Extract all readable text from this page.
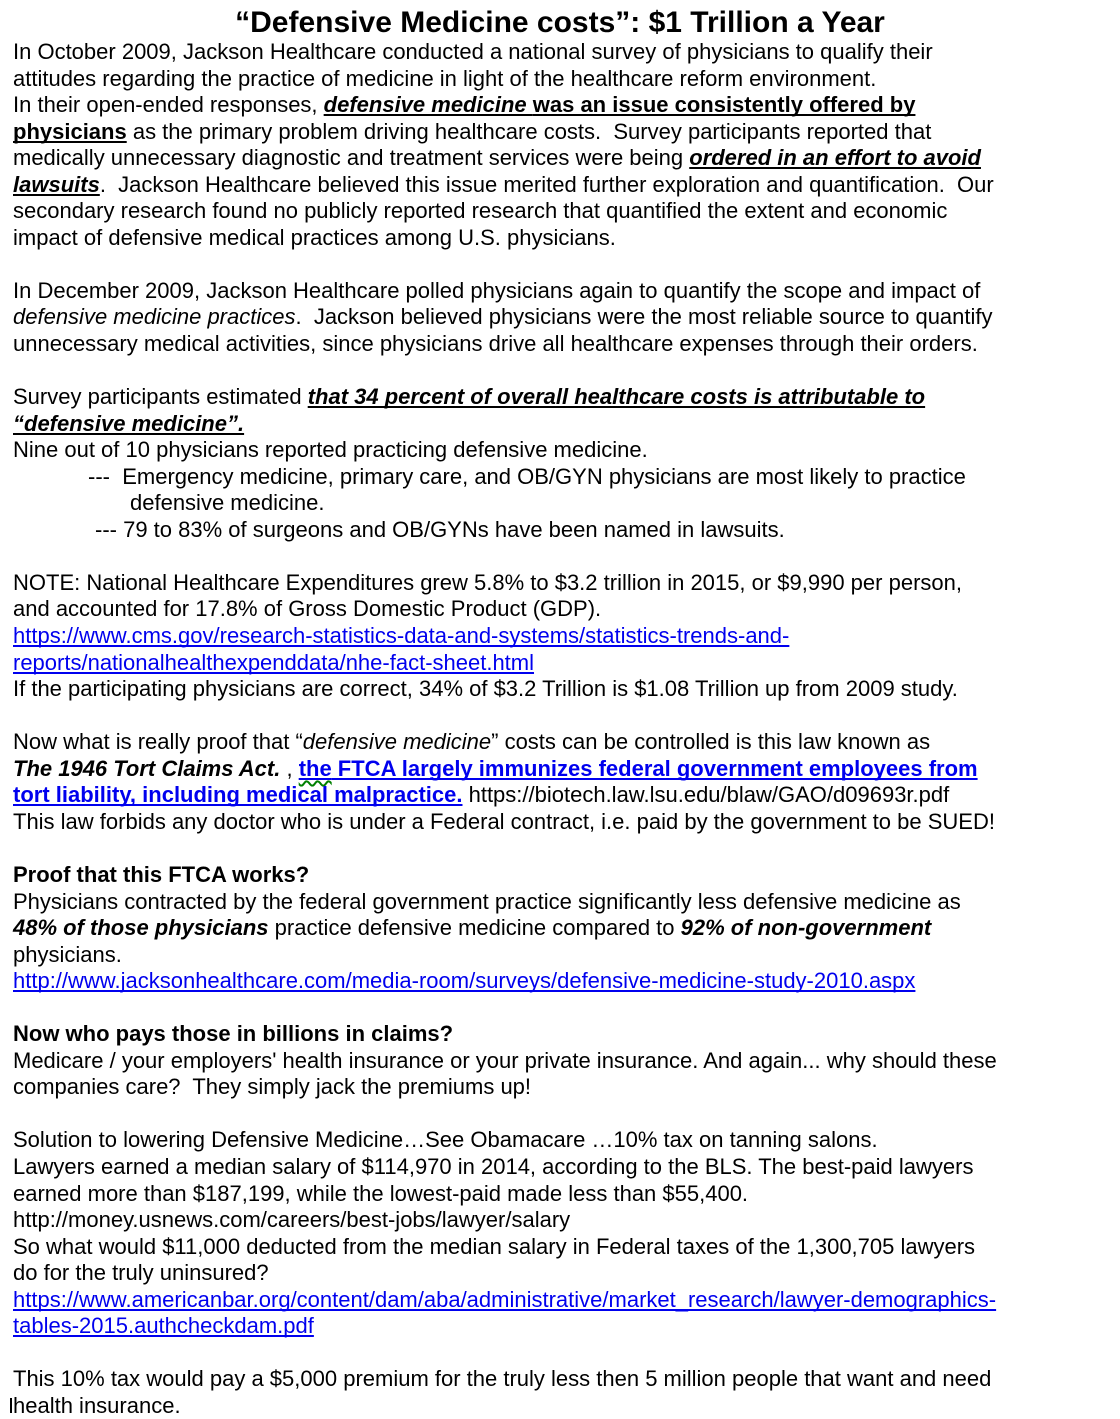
“Defensive Medicine costs”: $1 Trillion a Year
In October 2009, Jackson Healthcare conducted a national survey of physicians to qualify their
attitudes regarding the practice of medicine in light of the healthcare reform environment.
In their open-ended responses, defensive medicine was an issue consistently offered by
physicians as the primary problem driving healthcare costs.  Survey participants reported that
medically unnecessary diagnostic and treatment services were being ordered in an effort to avoid
lawsuits.  Jackson Healthcare believed this issue merited further exploration and quantification.  Our
secondary research found no publicly reported research that quantified the extent and economic
impact of defensive medical practices among U.S. physicians.
In December 2009, Jackson Healthcare polled physicians again to quantify the scope and impact of
defensive medicine practices.  Jackson believed physicians were the most reliable source to quantify
unnecessary medical activities, since physicians drive all healthcare expenses through their orders.
Survey participants estimated that 34 percent of overall healthcare costs is attributable to
“defensive medicine”.
Nine out of 10 physicians reported practicing defensive medicine.
---  Emergency medicine, primary care, and OB/GYN physicians are most likely to practice
defensive medicine.
--- 79 to 83% of surgeons and OB/GYNs have been named in lawsuits.
NOTE: National Healthcare Expenditures grew 5.8% to $3.2 trillion in 2015, or $9,990 per person,
and accounted for 17.8% of Gross Domestic Product (GDP).
https://www.cms.gov/research-statistics-data-and-systems/statistics-trends-and-
reports/nationalhealthexpenddata/nhe-fact-sheet.html
If the participating physicians are correct, 34% of $3.2 Trillion is $1.08 Trillion up from 2009 study.
Now what is really proof that “defensive medicine” costs can be controlled is this law known as
The 1946 Tort Claims Act. , the FTCA largely immunizes federal government employees from
tort liability, including medical malpractice. https://biotech.law.lsu.edu/blaw/GAO/d09693r.pdf
This law forbids any doctor who is under a Federal contract, i.e. paid by the government to be SUED!
Proof that this FTCA works?
Physicians contracted by the federal government practice significantly less defensive medicine as
48% of those physicians practice defensive medicine compared to 92% of non-government
physicians.
http://www.jacksonhealthcare.com/media-room/surveys/defensive-medicine-study-2010.aspx
Now who pays those in billions in claims?
Medicare / your employers' health insurance or your private insurance. And again... why should these
companies care?  They simply jack the premiums up!
Solution to lowering Defensive Medicine…See Obamacare …10% tax on tanning salons.
Lawyers earned a median salary of $114,970 in 2014, according to the BLS. The best-paid lawyers
earned more than $187,199, while the lowest-paid made less than $55,400.
http://money.usnews.com/careers/best-jobs/lawyer/salary
So what would $11,000 deducted from the median salary in Federal taxes of the 1,300,705 lawyers
do for the truly uninsured?
https://www.americanbar.org/content/dam/aba/administrative/market_research/lawyer-demographics-
tables-2015.authcheckdam.pdf
This 10% tax would pay a $5,000 premium for the truly less then 5 million people that want and need
health insurance.
